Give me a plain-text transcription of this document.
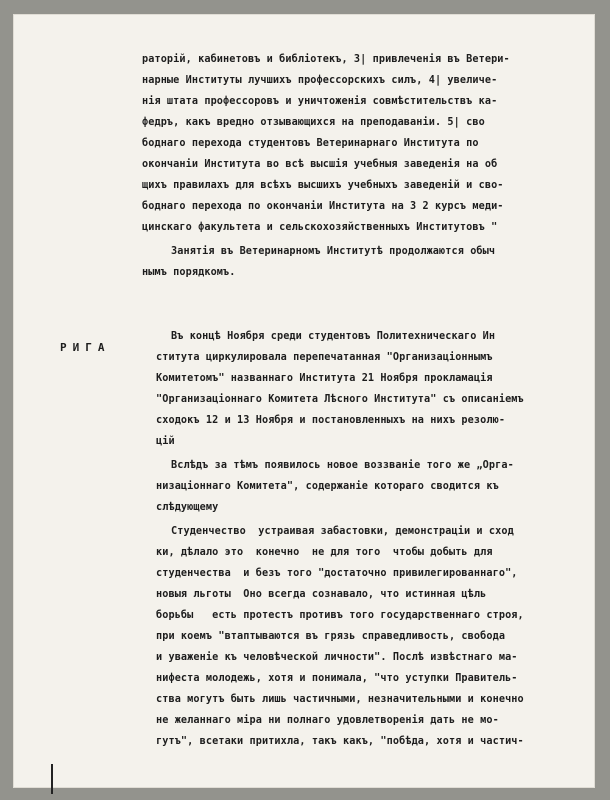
РИГА
раторій, кабинетовъ и библіотекъ, 3| привлеченія въ Ветери-
нарные Институты лучшихъ профессорскихъ силъ, 4| увеличе-
нія штата профессоровъ и уничтоженія совмѣстительствъ ка-
федръ, какъ вредно отзывающихся на преподаваніи. 5| сво
боднаго перехода студентовъ Ветеринарнаго Института по
окончаніи Института во всѣ высшія учебныя заведенія на об
щихъ правилахъ для всѣхъ высшихъ учебныхъ заведеній и сво-
боднаго перехода по окончаніи Института на 3 2 курсъ меди-
цинскаго факультета и сельскохозяйственныхъ Институтовъ "
Занятія въ Ветеринарномъ Институтѣ продолжаются обыч
нымъ порядкомъ.
Въ концѣ Ноября среди студентовъ Политехническаго Ин
ститута циркулировала перепечатанная "Организаціоннымъ
Комитетомъ" названнаго Института 21 Ноября прокламація
"Организаціоннаго Комитета Лѣсного Института" съ описаніемъ
сходокъ 12 и 13 Ноября и постановленныхъ на нихъ резолю-
цій
Вслѣдъ за тѣмъ появилось новое воззваніе того же „Орга-
низаціоннаго Комитета", содержаніе котораго сводится къ
слѣдующему
Студенчество  устраивая забастовки, демонстраціи и сход
ки, дѣлало это  конечно  не для того  чтобы добыть для
студенчества  и безъ того "достаточно привилегированнаго",
новыя льготы  Оно всегда сознавало, что истинная цѣль
борьбы   есть протестъ противъ того государственнаго строя,
при коемъ "втаптываются въ грязь справедливость, свобода
и уваженіе къ человѣческой личности". Послѣ извѣстнаго ма-
нифеста молодежь, хотя и понимала, "что уступки Правитель-
ства могутъ быть лишь частичными, незначительными и конечно
не желаннаго міра ни полнаго удовлетворенія дать не мо-
гутъ", всетаки притихла, такъ какъ, "побѣда, хотя и частич-
